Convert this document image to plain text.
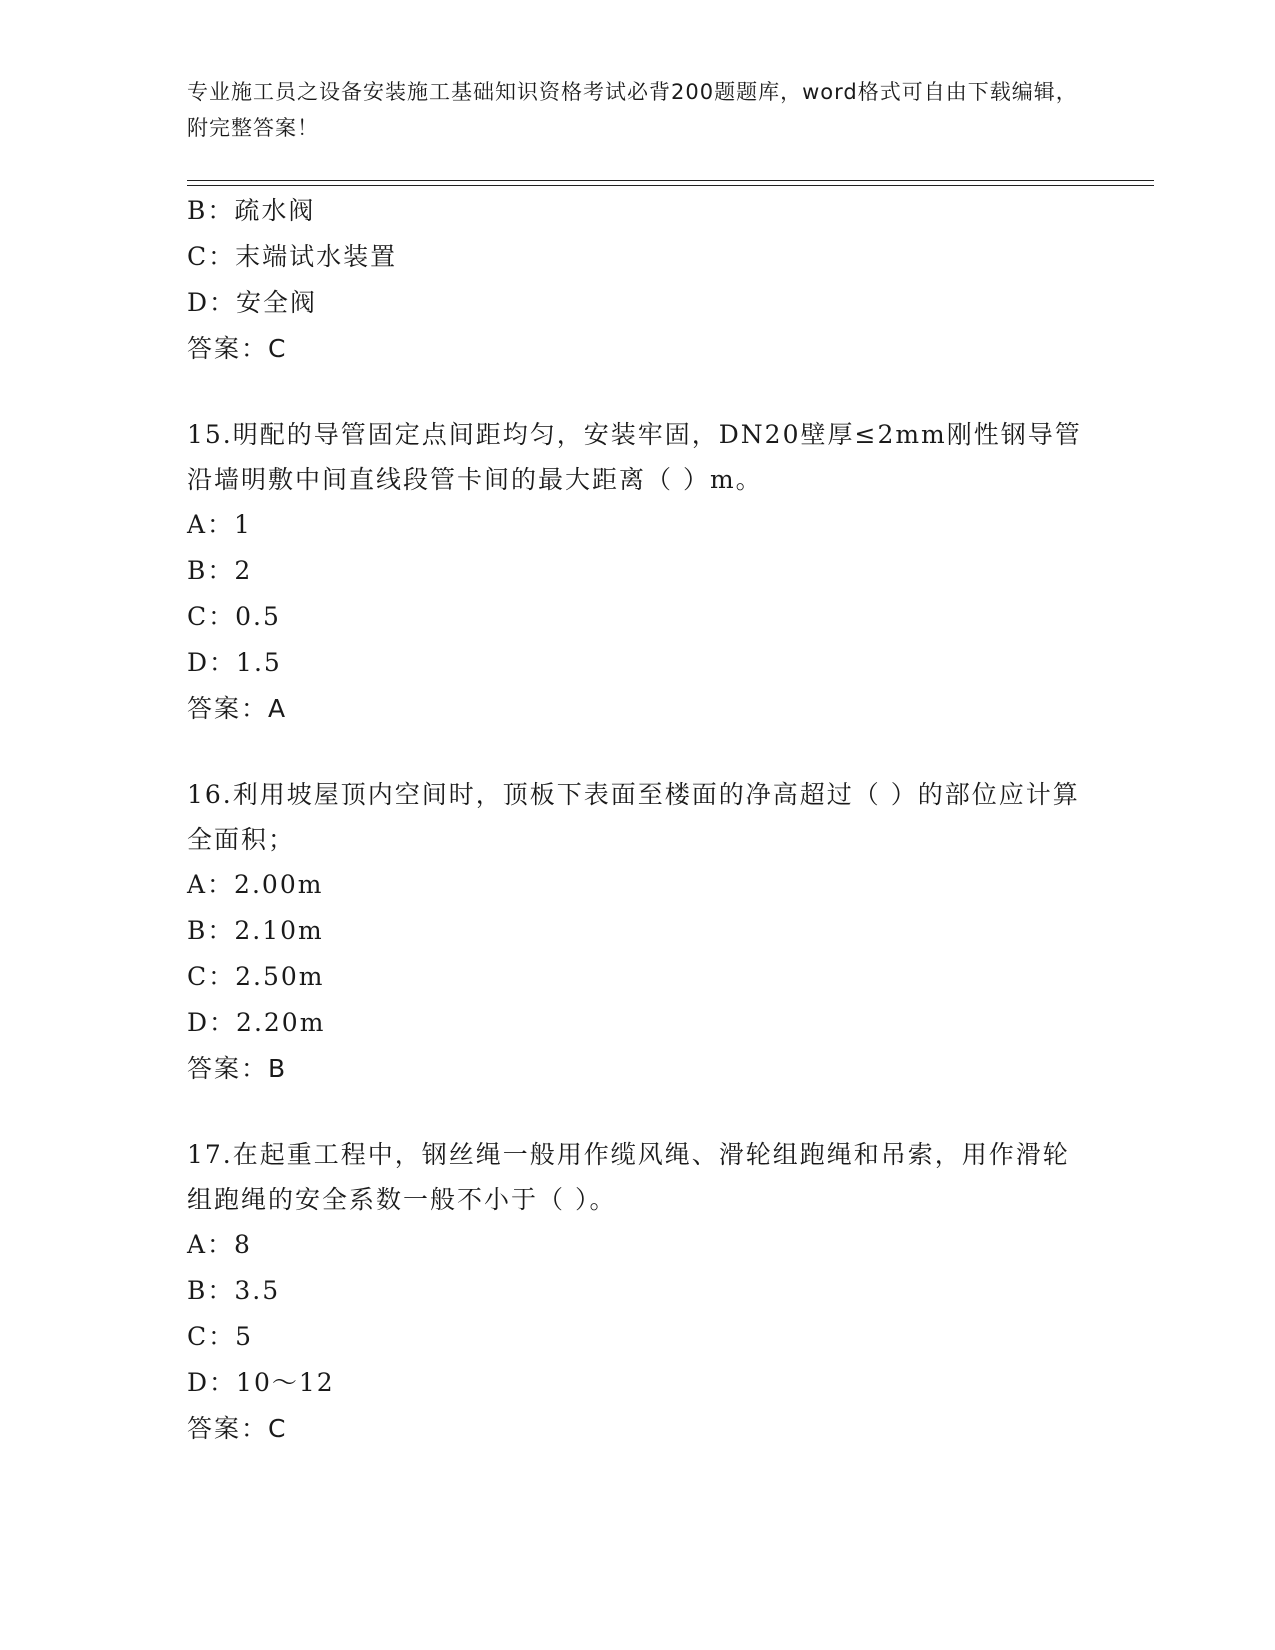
专业施工员之设备安装施工基础知识资格考试必背200题题库，word格式可自由下载编辑，附完整答案！
B：疏水阀
C：末端试水装置
D：安全阀
答案：C
15.明配的导管固定点间距均匀，安装牢固，DN20壁厚≤2mm刚性钢导管沿墙明敷中间直线段管卡间的最大距离（ ）m。
A：1
B：2
C：0.5
D：1.5
答案：A
16.利用坡屋顶内空间时，顶板下表面至楼面的净高超过（ ）的部位应计算全面积；
A：2.00m
B：2.10m
C：2.50m
D：2.20m
答案：B
17.在起重工程中，钢丝绳一般用作缆风绳、滑轮组跑绳和吊索，用作滑轮组跑绳的安全系数一般不小于（ ）。
A：8
B：3.5
C：5
D：10～12
答案：C
